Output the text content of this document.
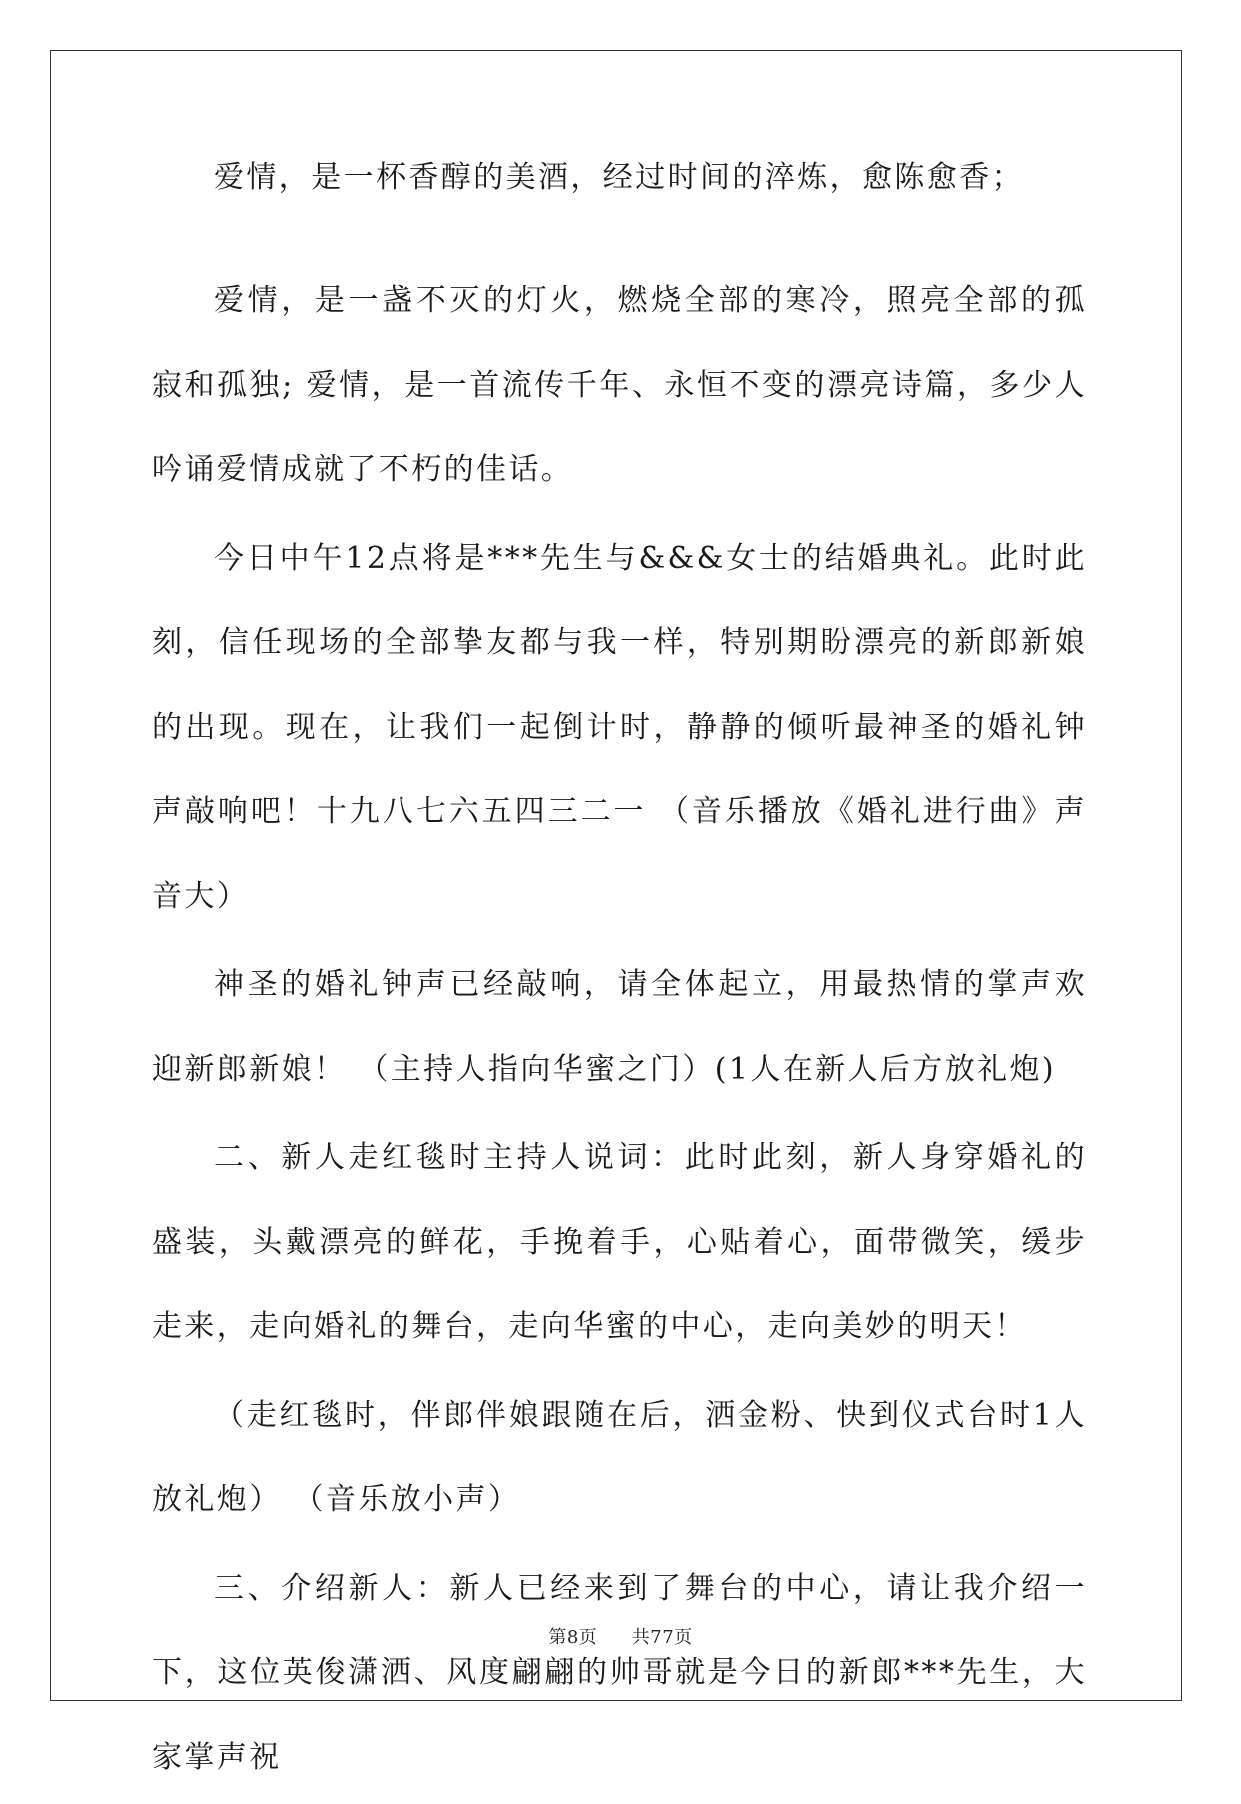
爱情，是一杯香醇的美酒，经过时间的淬炼，愈陈愈香；

爱情，是一盏不灭的灯火，燃烧全部的寒冷，照亮全部的孤寂和孤独; 爱情，是一首流传千年、永恒不变的漂亮诗篇，多少人吟诵爱情成就了不朽的佳话。

今日中午12点将是***先生与&&&女士的结婚典礼。此时此刻，信任现场的全部挚友都与我一样，特别期盼漂亮的新郎新娘的出现。现在，让我们一起倒计时，静静的倾听最神圣的婚礼钟声敲响吧！十九八七六五四三二一 （音乐播放《婚礼进行曲》声音大）

神圣的婚礼钟声已经敲响，请全体起立，用最热情的掌声欢迎新郎新娘！ （主持人指向华蜜之门）(1人在新人后方放礼炮)

二、新人走红毯时主持人说词：此时此刻，新人身穿婚礼的盛装，头戴漂亮的鲜花，手挽着手，心贴着心，面带微笑，缓步走来，走向婚礼的舞台，走向华蜜的中心，走向美妙的明天！

（走红毯时，伴郎伴娘跟随在后，洒金粉、快到仪式台时1人放礼炮） （音乐放小声）

三、介绍新人：新人已经来到了舞台的中心，请让我介绍一下，这位英俊潇洒、风度翩翩的帅哥就是今日的新郎***先生，大家掌声祝

第8页 共77页
